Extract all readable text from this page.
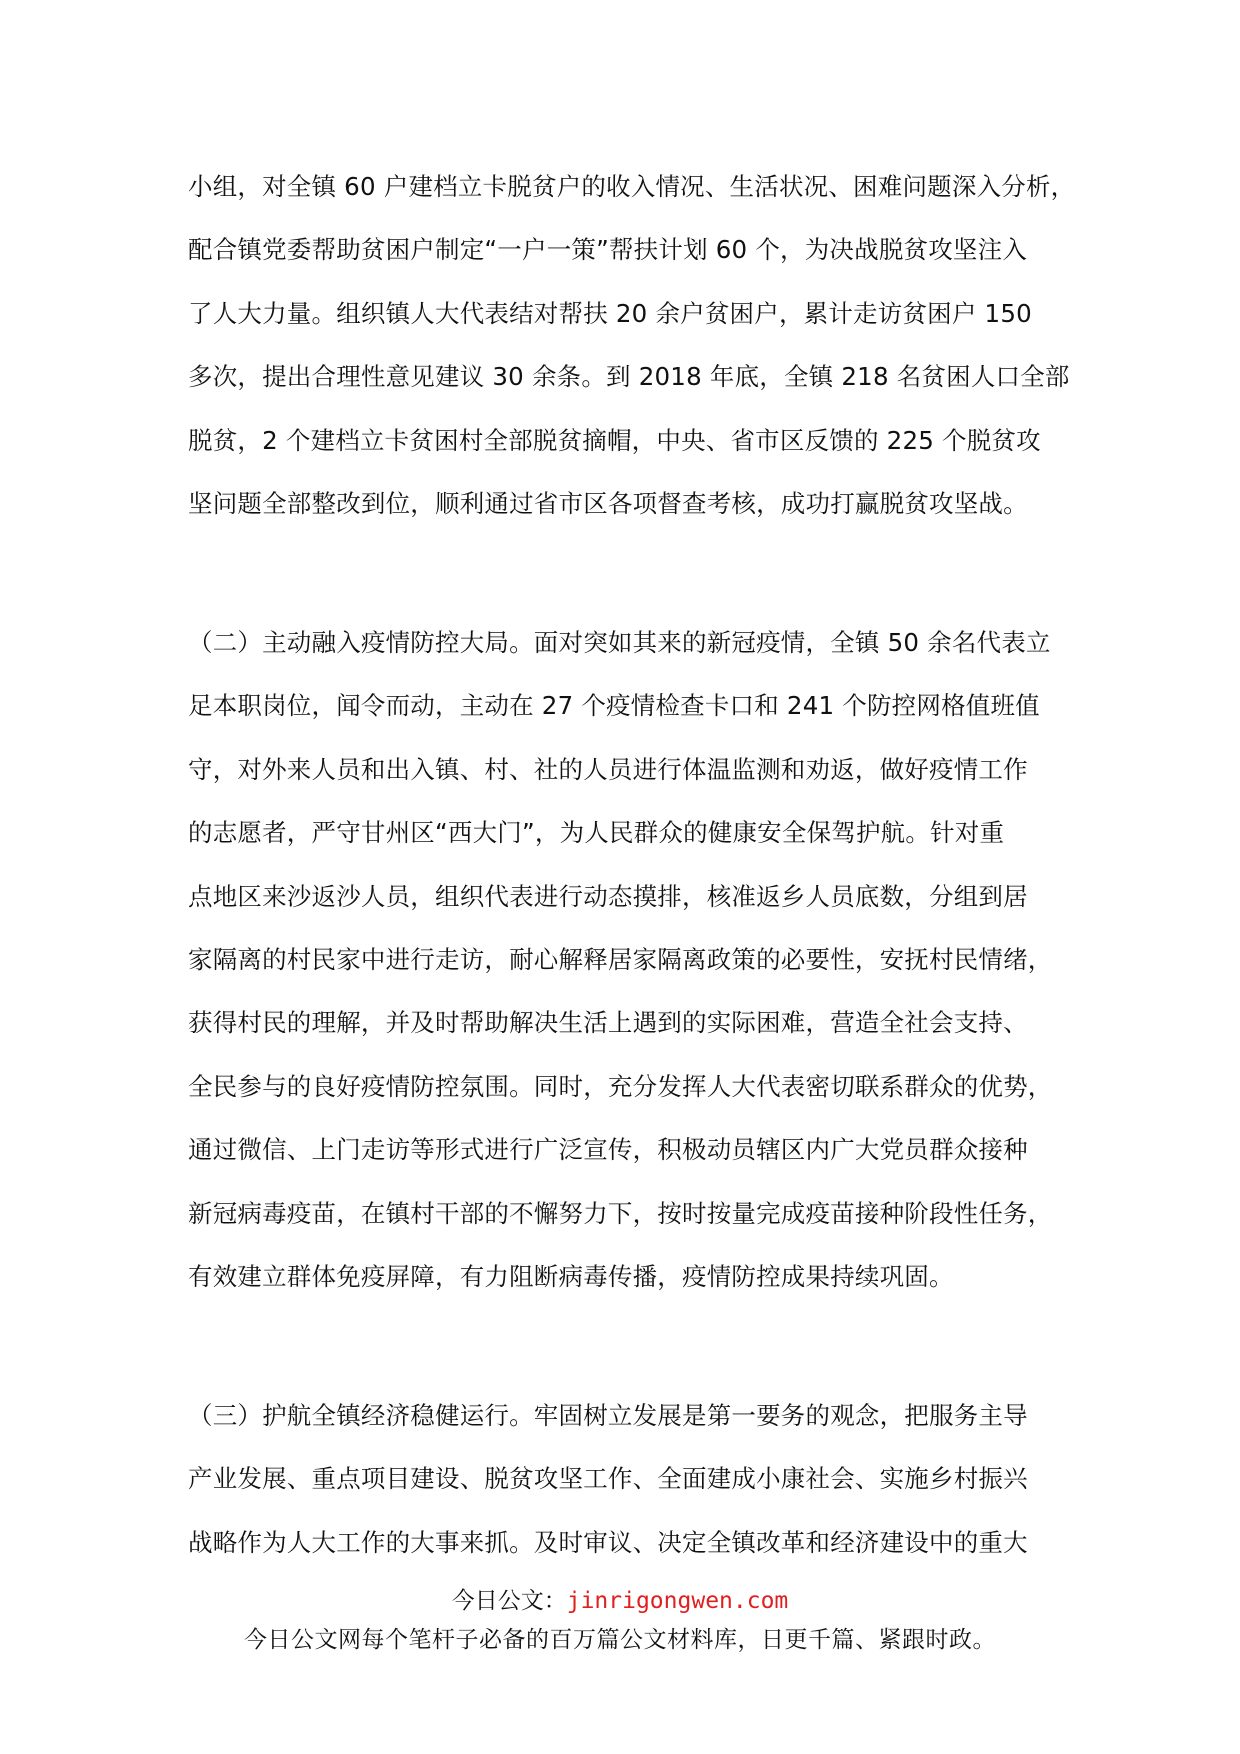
小组，对全镇 60 户建档立卡脱贫户的收入情况、生活状况、困难问题深入分析，
配合镇党委帮助贫困户制定“一户一策”帮扶计划 60 个，为决战脱贫攻坚注入
了人大力量。组织镇人大代表结对帮扶 20 余户贫困户，累计走访贫困户 150
多次，提出合理性意见建议 30 余条。到 2018 年底，全镇 218 名贫困人口全部
脱贫，2 个建档立卡贫困村全部脱贫摘帽，中央、省市区反馈的 225 个脱贫攻
坚问题全部整改到位，顺利通过省市区各项督查考核，成功打赢脱贫攻坚战。

（二）主动融入疫情防控大局。面对突如其来的新冠疫情，全镇 50 余名代表立
足本职岗位，闻令而动，主动在 27 个疫情检查卡口和 241 个防控网格值班值
守，对外来人员和出入镇、村、社的人员进行体温监测和劝返，做好疫情工作
的志愿者，严守甘州区“西大门”，为人民群众的健康安全保驾护航。针对重
点地区来沙返沙人员，组织代表进行动态摸排，核准返乡人员底数，分组到居
家隔离的村民家中进行走访，耐心解释居家隔离政策的必要性，安抚村民情绪，
获得村民的理解，并及时帮助解决生活上遇到的实际困难，营造全社会支持、
全民参与的良好疫情防控氛围。同时，充分发挥人大代表密切联系群众的优势，
通过微信、上门走访等形式进行广泛宣传，积极动员辖区内广大党员群众接种
新冠病毒疫苗，在镇村干部的不懈努力下，按时按量完成疫苗接种阶段性任务，
有效建立群体免疫屏障，有力阻断病毒传播，疫情防控成果持续巩固。

（三）护航全镇经济稳健运行。牢固树立发展是第一要务的观念，把服务主导
产业发展、重点项目建设、脱贫攻坚工作、全面建成小康社会、实施乡村振兴
战略作为人大工作的大事来抓。及时审议、决定全镇改革和经济建设中的重大

今日公文：jinrigongwen.com
今日公文网每个笔杆子必备的百万篇公文材料库，日更千篇、紧跟时政。
